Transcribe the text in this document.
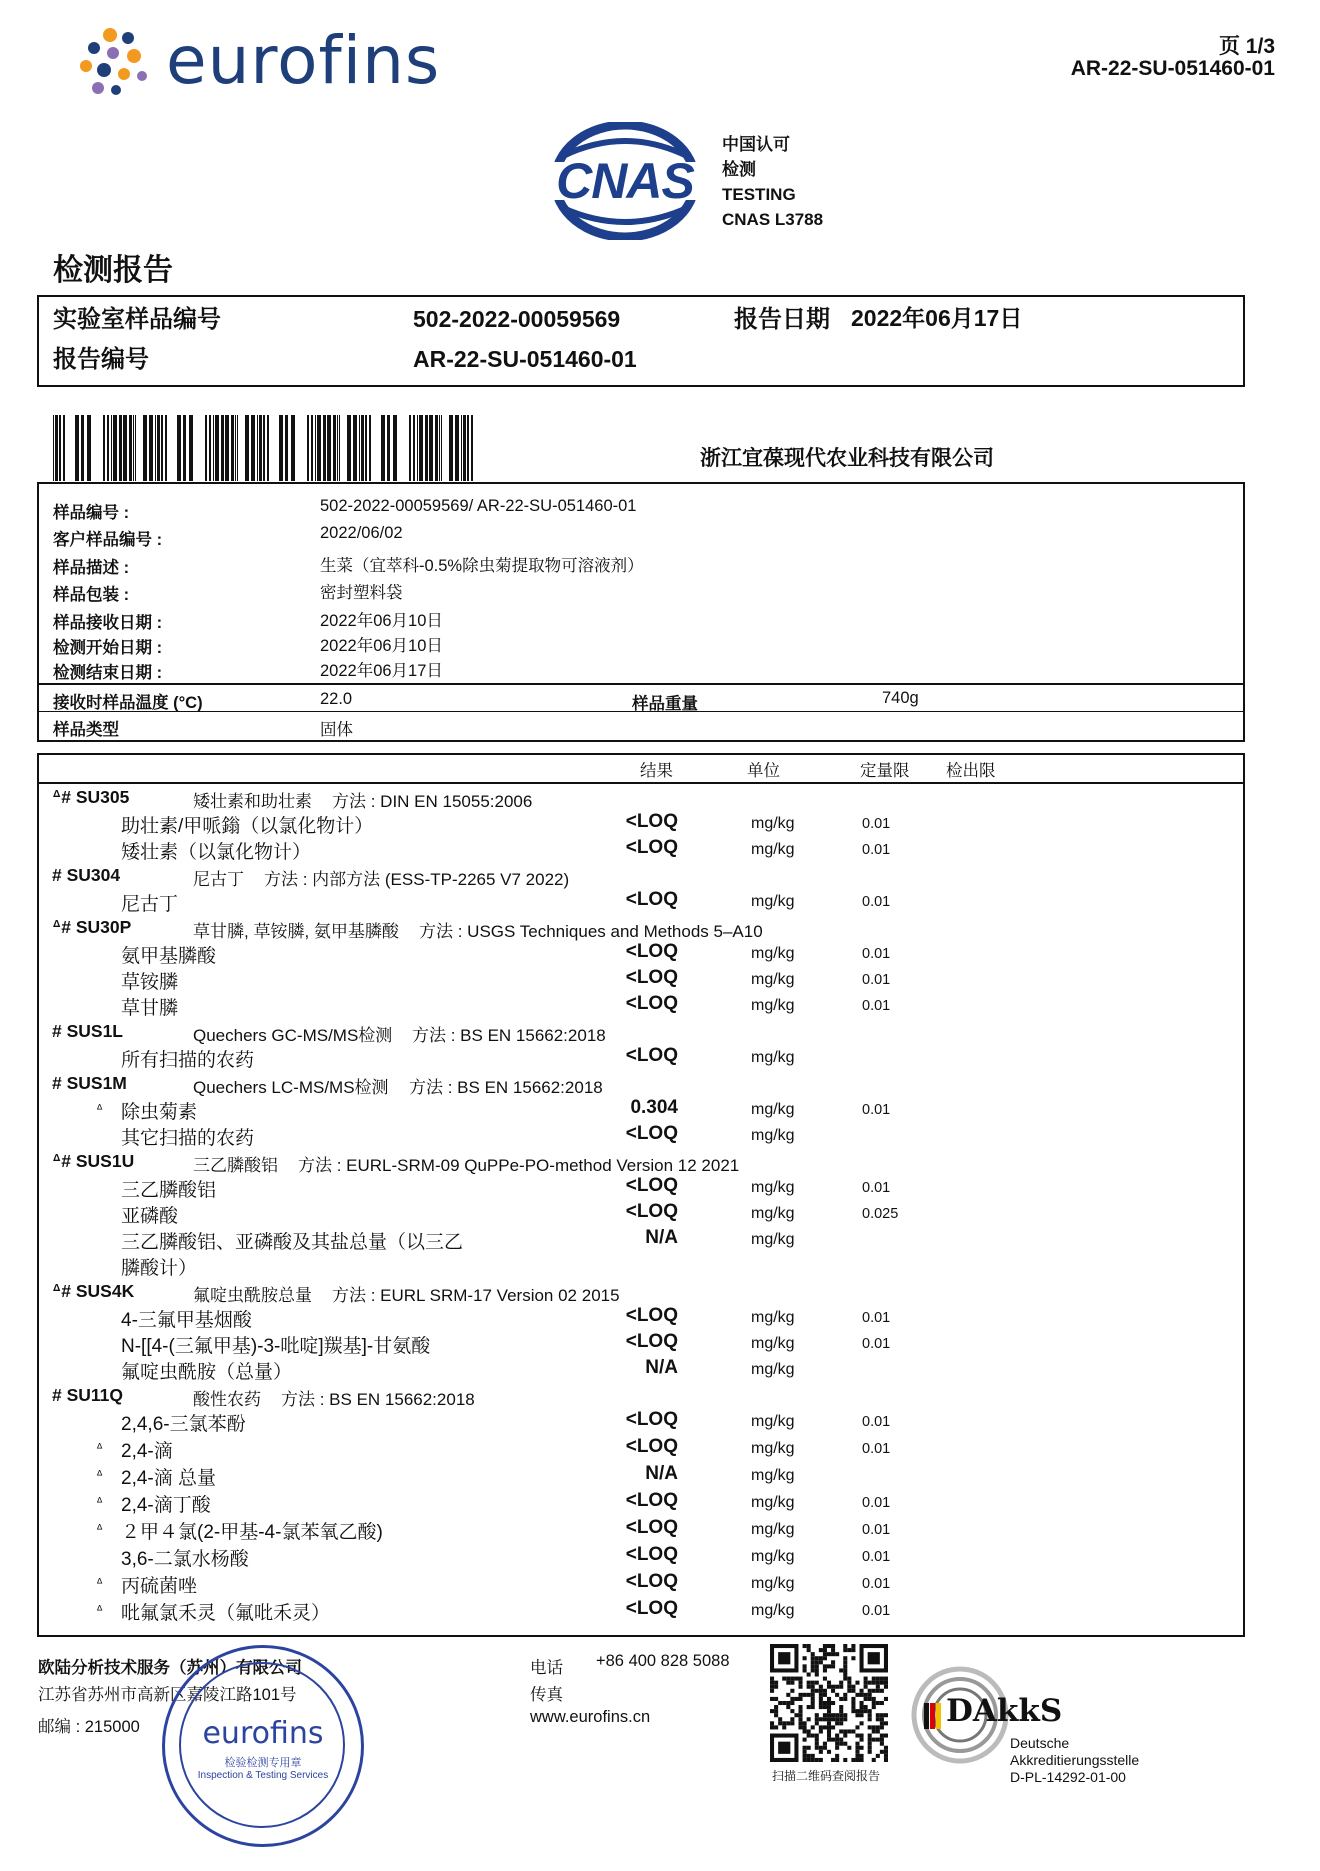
eurofins	页 1/3
AR-22-SU-051460-01
CNAS
中国认可
检测
TESTING
CNAS L3788
检测报告
实验室样品编号	502-2022-00059569	报告日期 2022年06月17日
报告编号	AR-22-SU-051460-01
浙江宜葆现代农业科技有限公司
样品编号 :	502-2022-00059569/ AR-22-SU-051460-01
客户样品编号 :	2022/06/02
样品描述 :	生菜（宜萃科-0.5%除虫菊提取物可溶液剂）
样品包装 :	密封塑料袋
样品接收日期 :	2022年06月10日
检测开始日期 :	2022年06月10日
检测结束日期 :	2022年06月17日
接收时样品温度 (°C)	22.0	样品重量	740g
样品类型	固体
结果	单位	定量限 检出限
ᐞ# SU305	矮壮素和助壮素 方法 : DIN EN 15055:2006
助壮素/甲哌鎓（以氯化物计）	<LOQ	mg/kg	0.01
矮壮素（以氯化物计）	<LOQ	mg/kg	0.01
# SU304	尼古丁 方法 : 内部方法 (ESS-TP-2265 V7 2022)
尼古丁	<LOQ	mg/kg	0.01
ᐞ# SU30P	草甘膦, 草铵膦, 氨甲基膦酸 方法 : USGS Techniques and Methods 5–A10
氨甲基膦酸	<LOQ	mg/kg	0.01
草铵膦	<LOQ	mg/kg	0.01
草甘膦	<LOQ	mg/kg	0.01
# SUS1L	Quechers GC-MS/MS检测 方法 : BS EN 15662:2018
所有扫描的农药	<LOQ	mg/kg
# SUS1M	Quechers LC-MS/MS检测 方法 : BS EN 15662:2018
ᐞ 除虫菊素	0.304	mg/kg	0.01
其它扫描的农药	<LOQ	mg/kg
ᐞ# SUS1U	三乙膦酸铝 方法 : EURL-SRM-09 QuPPe-PO-method Version 12 2021
三乙膦酸铝	<LOQ	mg/kg	0.01
亚磷酸	<LOQ	mg/kg	0.025
三乙膦酸铝、亚磷酸及其盐总量（以三乙	N/A	mg/kg
膦酸计）
ᐞ# SUS4K	氟啶虫酰胺总量 方法 : EURL SRM-17 Version 02 2015
4-三氟甲基烟酸	<LOQ	mg/kg	0.01
N-[[4-(三氟甲基)-3-吡啶]羰基]-甘氨酸	<LOQ	mg/kg	0.01
氟啶虫酰胺（总量）	N/A	mg/kg
# SU11Q	酸性农药 方法 : BS EN 15662:2018
2,4,6-三氯苯酚	<LOQ	mg/kg	0.01
ᐞ 2,4-滴	<LOQ	mg/kg	0.01
ᐞ 2,4-滴 总量	N/A	mg/kg
ᐞ 2,4-滴丁酸	<LOQ	mg/kg	0.01
ᐞ ２甲４氯(2-甲基-4-氯苯氧乙酸)	<LOQ	mg/kg	0.01
3,6-二氯水杨酸	<LOQ	mg/kg	0.01
ᐞ 丙硫菌唑	<LOQ	mg/kg	0.01
ᐞ 吡氟氯禾灵（氟吡禾灵）	<LOQ	mg/kg	0.01
欧陆分析技术服务（苏州）有限公司
江苏省苏州市高新区嘉陵江路101号
邮编 : 215000
电话 +86 400 828 5088
传真
www.eurofins.cn
eurofins
检验检测专用章
Inspection & Testing Services	扫描二维码查阅报告
DAkkS
Deutsche
Akkreditierungsstelle
D-PL-14292-01-00
